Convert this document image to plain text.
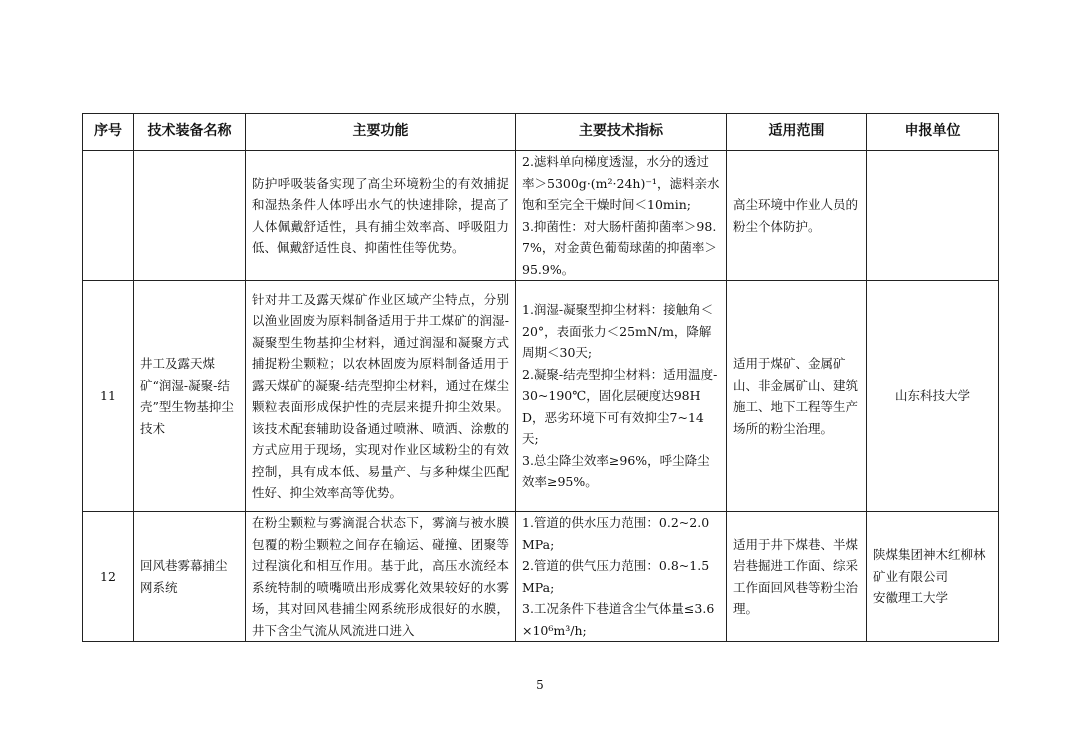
序号	技术装备名称	主要功能	主要技术指标	适用范围	申报单位
		防护呼吸装备实现了高尘环境粉尘的有效捕捉和湿热条件人体呼出水气的快速排除，提高了人体佩戴舒适性，具有捕尘效率高、呼吸阻力低、佩戴舒适性良、抑菌性佳等优势。	2.滤料单向梯度透湿，水分的透过率＞5300g·(m²·24h)⁻¹，滤料亲水饱和至完全干燥时间＜10min;
3.抑菌性：对大肠杆菌抑菌率＞98.7%，对金黄色葡萄球菌的抑菌率＞95.9%。	高尘环境中作业人员的粉尘个体防护。	
11	井工及露天煤矿“润湿-凝聚-结壳”型生物基抑尘技术	针对井工及露天煤矿作业区域产尘特点，分别以渔业固废为原料制备适用于井工煤矿的润湿-凝聚型生物基抑尘材料，通过润湿和凝聚方式捕捉粉尘颗粒；以农林固废为原料制备适用于露天煤矿的凝聚-结壳型抑尘材料，通过在煤尘颗粒表面形成保护性的壳层来提升抑尘效果。该技术配套辅助设备通过喷淋、喷洒、涂敷的方式应用于现场，实现对作业区域粉尘的有效控制，具有成本低、易量产、与多种煤尘匹配性好、抑尘效率高等优势。	1.润湿-凝聚型抑尘材料：接触角＜20°，表面张力＜25mN/m，降解周期＜30天;
2.凝聚-结壳型抑尘材料：适用温度-30~190℃，固化层硬度达98HD，恶劣环境下可有效抑尘7~14天;
3.总尘降尘效率≥96%，呼尘降尘效率≥95%。	适用于煤矿、金属矿山、非金属矿山、建筑施工、地下工程等生产场所的粉尘治理。	山东科技大学
12	回风巷雾幕捕尘网系统	在粉尘颗粒与雾滴混合状态下，雾滴与被水膜包覆的粉尘颗粒之间存在输运、碰撞、团聚等过程演化和相互作用。基于此，高压水流经本系统特制的喷嘴喷出形成雾化效果较好的水雾场，其对回风巷捕尘网系统形成很好的水膜，井下含尘气流从风流进口进入	1.管道的供水压力范围：0.2~2.0MPa;
2.管道的供气压力范围：0.8~1.5MPa;
3.工况条件下巷道含尘气体量≤3.6×10⁶m³/h;	适用于井下煤巷、半煤岩巷掘进工作面、综采工作面回风巷等粉尘治理。	陕煤集团神木红柳林矿业有限公司
安徽理工大学
5
